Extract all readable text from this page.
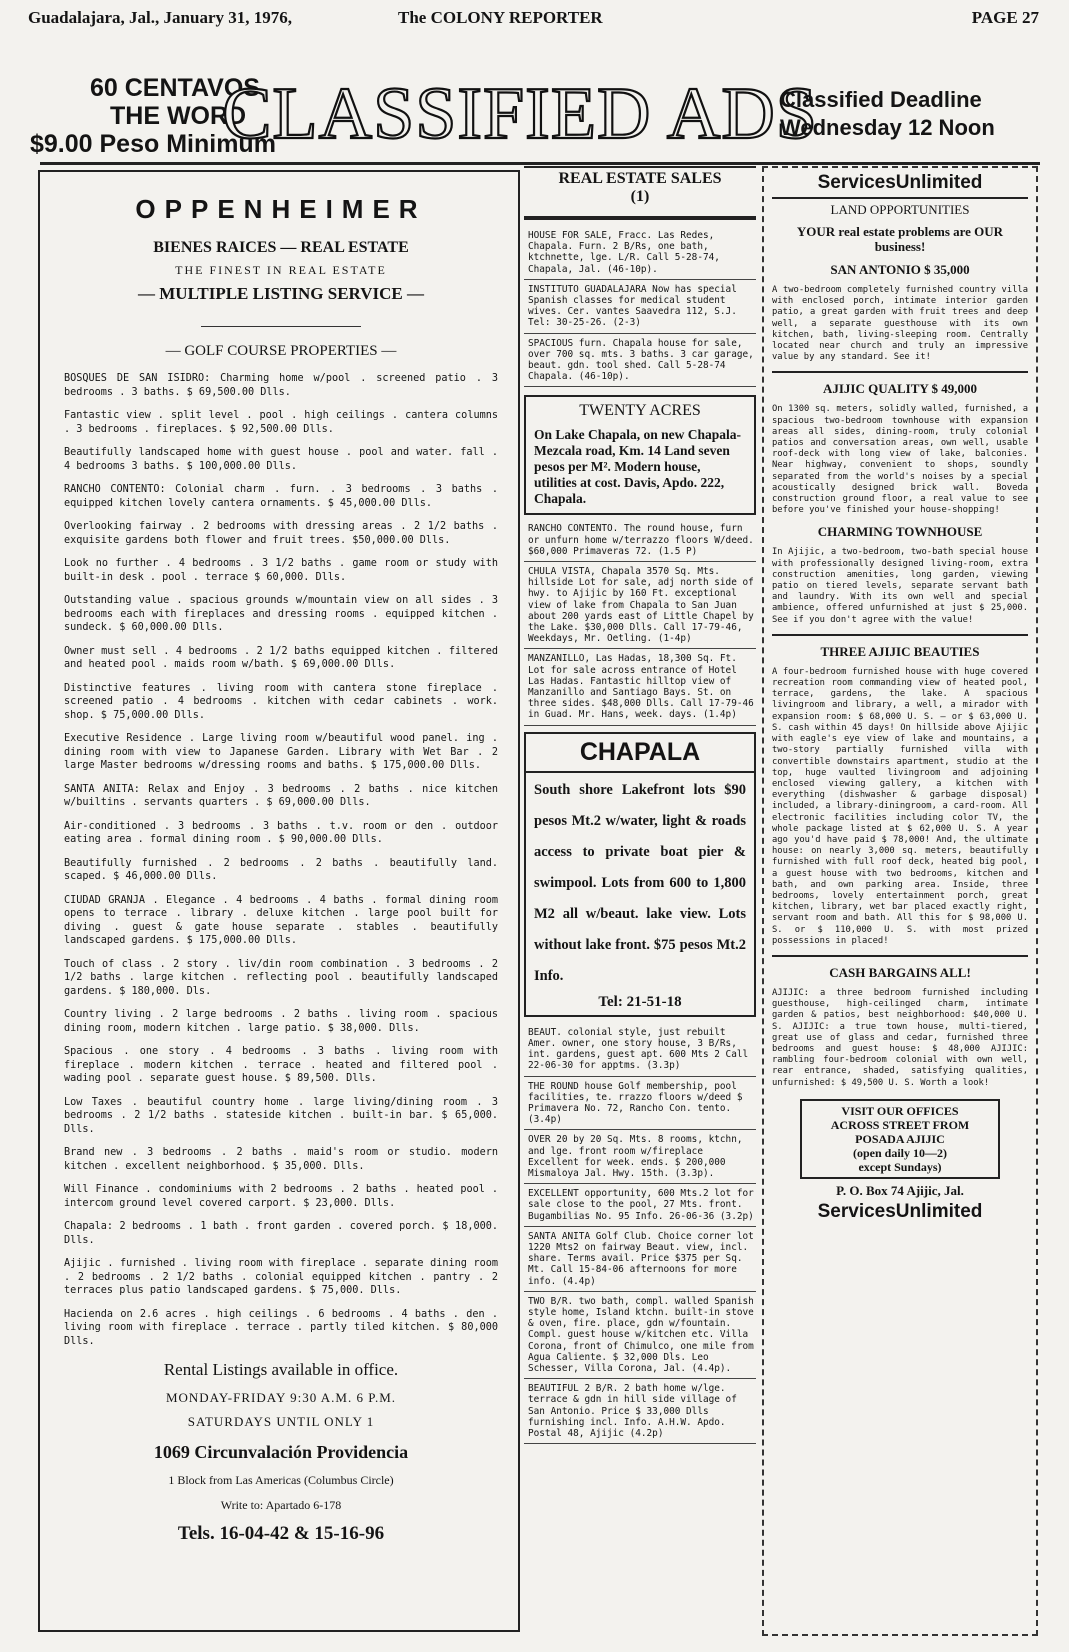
Guadalajara, Jal., January 31, 1976,	The COLONY REPORTER	PAGE 27
60 CENTAVOS
THE WORD
$9.00 Peso Minimum
CLASSIFIED ADS
Classified Deadline
Wednesday 12 Noon
OPPENHEIMER
BIENES RAICES — REAL ESTATE
THE FINEST IN REAL ESTATE
— MULTIPLE LISTING SERVICE —
— GOLF COURSE PROPERTIES —

BOSQUES DE SAN ISIDRO: Charming home w/pool . screened patio . 3 bedrooms . 3 baths. $ 69,500.00 Dlls.

Fantastic view . split level . pool . high ceilings . cantera columns . 3 bedrooms . fireplaces. $ 92,500.00 Dlls.

Beautifully landscaped home with guest house . pool and water. fall . 4 bedrooms 3 baths. $ 100,000.00 Dlls.

RANCHO CONTENTO: Colonial charm . furn. . 3 bedrooms . 3 baths . equipped kitchen lovely cantera ornaments. $ 45,000.00 Dlls.

Overlooking fairway . 2 bedrooms with dressing areas . 2 1/2 baths . exquisite gardens both flower and fruit trees. $50,000.00 Dlls.

Look no further . 4 bedrooms . 3 1/2 baths . game room or study with built-in desk . pool . terrace $ 60,000. Dlls.

Outstanding value . spacious grounds w/mountain view on all sides . 3 bedrooms each with fireplaces and dressing rooms . equipped kitchen . sundeck. $ 60,000.00 Dlls.

Owner must sell . 4 bedrooms . 2 1/2 baths equipped kitchen . filtered and heated pool . maids room w/bath. $ 69,000.00 Dlls.

Distinctive features . living room with cantera stone fireplace . screened patio . 4 bedrooms . kitchen with cedar cabinets . work. shop. $ 75,000.00 Dlls.

Executive Residence . Large living room w/beautiful wood panel. ing . dining room with view to Japanese Garden. Library with Wet Bar . 2 large Master bedrooms w/dressing rooms and baths. $ 175,000.00 Dlls.

SANTA ANITA: Relax and Enjoy . 3 bedrooms . 2 baths . nice kitchen w/builtins . servants quarters . $ 69,000.00 Dlls.

Air-conditioned . 3 bedrooms . 3 baths . t.v. room or den . outdoor eating area . formal dining room . $ 90,000.00 Dlls.

Beautifully furnished . 2 bedrooms . 2 baths . beautifully land. scaped. $ 46,000.00 Dlls.

CIUDAD GRANJA . Elegance . 4 bedrooms . 4 baths . formal dining room opens to terrace . library . deluxe kitchen . large pool built for diving . guest & gate house separate . stables . beautifully landscaped gardens. $ 175,000.00 Dlls.

Touch of class . 2 story . liv/din room combination . 3 bedrooms . 2 1/2 baths . large kitchen . reflecting pool . beautifully landscaped gardens. $ 180,000. Dls.

Country living . 2 large bedrooms . 2 baths . living room . spacious dining room, modern kitchen . large patio. $ 38,000. Dlls.

Spacious . one story . 4 bedrooms . 3 baths . living room with fireplace . modern kitchen . terrace . heated and filtered pool . wading pool . separate guest house. $ 89,500. Dlls.

Low Taxes . beautiful country home . large living/dining room . 3 bedrooms . 2 1/2 baths . stateside kitchen . built-in bar. $ 65,000. Dlls.

Brand new . 3 bedrooms . 2 baths . maid's room or studio. modern kitchen . excellent neighborhood. $ 35,000. Dlls.

Will Finance . condominiums with 2 bedrooms . 2 baths . heated pool . intercom ground level covered carport. $ 23,000. Dlls.

Chapala: 2 bedrooms . 1 bath . front garden . covered porch. $ 18,000. Dlls.

Ajijic . furnished . living room with fireplace . separate dining room . 2 bedrooms . 2 1/2 baths . colonial equipped kitchen . pantry . 2 terraces plus patio landscaped gardens. $ 75,000. Dlls.

Hacienda on 2.6 acres . high ceilings . 6 bedrooms . 4 baths . den . living room with fireplace . terrace . partly tiled kitchen. $ 80,000 Dlls.

Rental Listings available in office.
MONDAY-FRIDAY 9:30 A.M. 6 P.M.
SATURDAYS UNTIL ONLY 1
1069 Circunvalación Providencia
1 Block from Las Americas (Columbus Circle)
Write to: Apartado 6-178
Tels. 16-04-42 & 15-16-96
REAL ESTATE SALES
(1)
HOUSE FOR SALE, Fracc. Las Redes, Chapala. Furn. 2 B/Rs, one bath, ktchnette, lge. L/R. Call 5-28-74, Chapala, Jal. (46-10p).
INSTITUTO GUADALAJARA Now has special Spanish classes for medical student wives. Cer. vantes Saavedra 112, S.J. Tel: 30-25-26. (2-3)
SPACIOUS furn. Chapala house for sale, over 700 sq. mts. 3 baths. 3 car garage, beaut. gdn. tool shed. Call 5-28-74 Chapala. (46-10p).
TWENTY ACRES
On Lake Chapala, on new Chapala-Mezcala road, Km. 14 Land seven pesos per M². Modern house, utilities at cost. Davis, Apdo. 222, Chapala.
RANCHO CONTENTO. The round house, furn or unfurn home w/terrazzo floors W/deed. $60,000 Primaveras 72. (1.5 P)
CHULA VISTA, Chapala 3570 Sq. Mts. hillside Lot for sale, adj north side of hwy. to Ajijic by 160 Ft. exceptional view of lake from Chapala to San Juan about 200 yards east of Little Chapel by the Lake. $30,000 Dlls. Call 17-79-46, Weekdays, Mr. Oetling. (1-4p)
MANZANILLO, Las Hadas, 18,300 Sq. Ft. Lot for sale across entrance of Hotel Las Hadas. Fantastic hilltop view of Manzanillo and Santiago Bays. St. on three sides. $48,000 Dlls. Call 17-79-46 in Guad. Mr. Hans, week. days. (1.4p)
CHAPALA
South shore Lakefront lots $90 pesos Mt.2 w/water, light & roads access to private boat pier & swimpool. Lots from 600 to 1,800 M2 all w/beaut. lake view. Lots without lake front. $75 pesos Mt.2 Info.
Tel: 21-51-18
BEAUT. colonial style, just rebuilt Amer. owner, one story house, 3 B/Rs, int. gardens, guest apt. 600 Mts 2 Call 22-06-30 for apptms. (3.3p)
THE ROUND house Golf membership, pool facilities, te. rrazzo floors w/deed $ Primavera No. 72, Rancho Con. tento. (3.4p)
OVER 20 by 20 Sq. Mts. 8 rooms, ktchn, and lge. front room w/fireplace Excellent for week. ends. $ 200,000 Mismaloya Jal. Hwy. 15th. (3.3p).
EXCELLENT opportunity, 600 Mts.2 lot for sale close to the pool, 27 Mts. front. Bugambilias No. 95 Info. 26-06-36 (3.2p)
SANTA ANITA Golf Club. Choice corner lot 1220 Mts2 on fairway Beaut. view, incl. share. Terms avail. Price $375 per Sq. Mt. Call 15-84-06 afternoons for more info. (4.4p)
TWO B/R. two bath, compl. walled Spanish style home, Island ktchn. built-in stove & oven, fire. place, gdn w/fountain. Compl. guest house w/kitchen etc. Villa Corona, front of Chimulco, one mile from Agua Caliente. $ 32,000 Dls. Leo Schesser, Villa Corona, Jal. (4.4p).
BEAUTIFUL 2 B/R. 2 bath home w/lge. terrace & gdn in hill side village of San Antonio. Price $ 33,000 Dlls furnishing incl. Info. A.H.W. Apdo. Postal 48, Ajijic (4.2p)
ServicesUnlimited
LAND OPPORTUNITIES
YOUR real estate problems are OUR business!
SAN ANTONIO $ 35,000
A two-bedroom completely furnished country villa with enclosed porch, intimate interior garden patio, a great garden with fruit trees and deep well, a separate guesthouse with its own kitchen, bath, living-sleeping room. Centrally located near church and truly an impressive value by any standard. See it!
AJIJIC QUALITY $ 49,000
On 1300 sq. meters, solidly walled, furnished, a spacious two-bedroom townhouse with expansion areas all sides, dining-room, truly colonial patios and conversation areas, own well, usable roof-deck with long view of lake, balconies. Near highway, convenient to shops, soundly separated from the world's noises by a special acoustically designed brick wall. Boveda construction ground floor, a real value to see before you've finished your house-shopping!
CHARMING TOWNHOUSE
In Ajijic, a two-bedroom, two-bath special house with professionally designed living-room, extra construction amenities, long garden, viewing patio on tiered levels, separate servant bath and laundry. With its own well and special ambience, offered unfurnished at just $ 25,000. See if you don't agree with the value!
THREE AJIJIC BEAUTIES
A four-bedroom furnished house with huge covered recreation room commanding view of heated pool, terrace, gardens, the lake. A spacious livingroom and library, a well, a mirador with expansion room: $ 68,000 U. S. — or $ 63,000 U. S. cash within 45 days! On hillside above Ajijic with eagle's eye view of lake and mountains, a two-story partially furnished villa with convertible downstairs apartment, studio at the top, huge vaulted livingroom and adjoining enclosed viewing gallery, a kitchen with everything (dishwasher & garbage disposal) included, a library-diningroom, a card-room. All electronic facilities including color TV, the whole package listed at $ 62,000 U. S. A year ago you'd have paid $ 78,000! And, the ultimate house: on nearly 3,000 sq. meters, beautifully furnished with full roof deck, heated big pool, a guest house with two bedrooms, kitchen and bath, and own parking area. Inside, three bedrooms, lovely entertainment porch, great kitchen, library, wet bar placed exactly right, servant room and bath. All this for $ 98,000 U. S. or $ 110,000 U. S. with most prized possessions in placed!
CASH BARGAINS ALL!
AJIJIC: a three bedroom furnished including guesthouse, high-ceilinged charm, intimate garden & patios, best neighborhood: $40,000 U. S. AJIJIC: a true town house, multi-tiered, great use of glass and cedar, furnished three bedrooms and guest house: $ 48,000 AJIJIC: rambling four-bedroom colonial with own well, rear entrance, shaded, satisfying qualities, unfurnished: $ 49,500 U. S. Worth a look!
VISIT OUR OFFICES
ACROSS STREET FROM
POSADA AJIJIC
(open daily 10—2)
except Sundays)
P. O. Box 74 Ajijic, Jal.
ServicesUnlimited
